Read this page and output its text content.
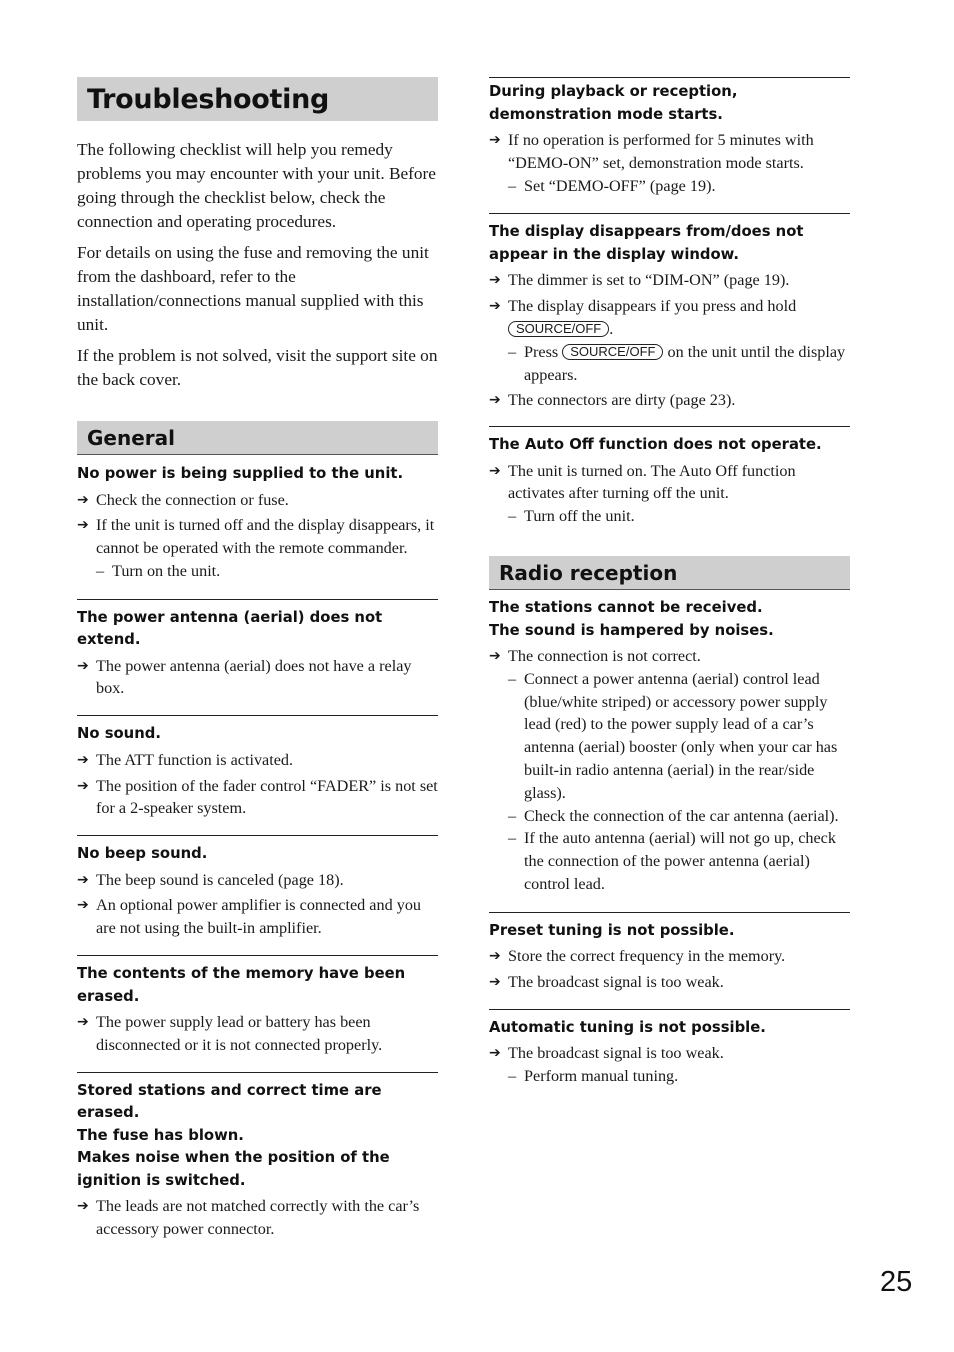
Troubleshooting

The following checklist will help you remedy problems you may encounter with your unit. Before going through the checklist below, check the connection and operating procedures.

For details on using the fuse and removing the unit from the dashboard, refer to the installation/connections manual supplied with this unit.

If the problem is not solved, visit the support site on the back cover.

General
No power is being supplied to the unit.
➔ Check the connection or fuse.
➔ If the unit is turned off and the display disappears, it cannot be operated with the remote commander.
– Turn on the unit.
The power antenna (aerial) does not extend.
➔ The power antenna (aerial) does not have a relay box.
No sound.
➔ The ATT function is activated.
➔ The position of the fader control “FADER” is not set for a 2-speaker system.
No beep sound.
➔ The beep sound is canceled (page 18).
➔ An optional power amplifier is connected and you are not using the built-in amplifier.
The contents of the memory have been erased.
➔ The power supply lead or battery has been disconnected or it is not connected properly.
Stored stations and correct time are erased.
The fuse has blown.
Makes noise when the position of the ignition is switched.
➔ The leads are not matched correctly with the car’s accessory power connector.
During playback or reception, demonstration mode starts.
➔ If no operation is performed for 5 minutes with “DEMO-ON” set, demonstration mode starts.
– Set “DEMO-OFF” (page 19).
The display disappears from/does not appear in the display window.
➔ The dimmer is set to “DIM-ON” (page 19).
➔ The display disappears if you press and hold SOURCE/OFF .
– Press SOURCE/OFF on the unit until the display appears.
➔ The connectors are dirty (page 23).
The Auto Off function does not operate.
➔ The unit is turned on. The Auto Off function activates after turning off the unit.
– Turn off the unit.
Radio reception
The stations cannot be received.
The sound is hampered by noises.
➔ The connection is not correct.
– Connect a power antenna (aerial) control lead (blue/white striped) or accessory power supply lead (red) to the power supply lead of a car’s antenna (aerial) booster (only when your car has built-in radio antenna (aerial) in the rear/side glass).
– Check the connection of the car antenna (aerial).
– If the auto antenna (aerial) will not go up, check the connection of the power antenna (aerial) control lead.
Preset tuning is not possible.
➔ Store the correct frequency in the memory.
➔ The broadcast signal is too weak.
Automatic tuning is not possible.
➔ The broadcast signal is too weak.
– Perform manual tuning.
25
